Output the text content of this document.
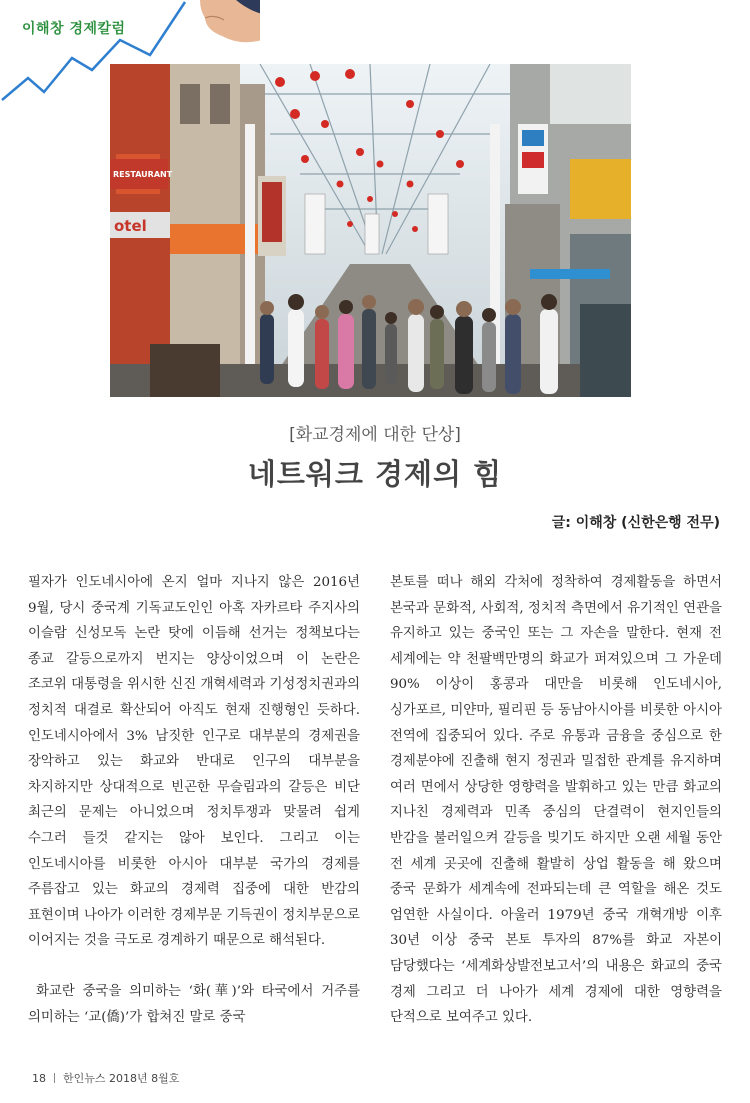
이해창 경제칼럼
otel
RESTAURANT
[화교경제에 대한 단상]
네트워크 경제의 힘
글: 이해창 (신한은행 전무)

필자가 인도네시아에 온지 얼마 지나지 않은 2016년 9월, 당시 중국계 기독교도인인 아혹 자카르타 주지사의 이슬람 신성모독 논란 탓에 이듬해 선거는 정책보다는 종교 갈등으로까지 번지는 양상이었으며 이 논란은 조코위 대통령을 위시한 신진 개혁세력과 기성정치권과의 정치적 대결로 확산되어 아직도 현재 진행형인 듯하다. 인도네시아에서 3% 남짓한 인구로 대부분의 경제권을 장악하고 있는 화교와 반대로 인구의 대부분을 차지하지만 상대적으로 빈곤한 무슬림과의 갈등은 비단 최근의 문제는 아니었으며 정치투쟁과 맞물려 쉽게 수그러 들것 같지는 않아 보인다. 그리고 이는 인도네시아를 비롯한 아시아 대부분 국가의 경제를 주름잡고 있는 화교의 경제력 집중에 대한 반감의 표현이며 나아가 이러한 경제부문 기득권이 정치부문으로 이어지는 것을 극도로 경계하기 때문으로 해석된다.

화교란 중국을 의미하는 ‘화(華)’와 타국에서 거주를 의미하는 ‘교(僑)’가 합쳐진 말로 중국

본토를 떠나 해외 각처에 정착하여 경제활동을 하면서 본국과 문화적, 사회적, 정치적 측면에서 유기적인 연관을 유지하고 있는 중국인 또는 그 자손을 말한다. 현재 전 세계에는 약 천팔백만명의 화교가 퍼져있으며 그 가운데 90% 이상이 홍콩과 대만을 비롯해 인도네시아, 싱가포르, 미얀마, 필리핀 등 동남아시아를 비롯한 아시아 전역에 집중되어 있다. 주로 유통과 금융을 중심으로 한 경제분야에 진출해 현지 정권과 밀접한 관계를 유지하며 여러 면에서 상당한 영향력을 발휘하고 있는 만큼 화교의 지나친 경제력과 민족 중심의 단결력이 현지인들의 반감을 불러일으켜 갈등을 빚기도 하지만 오랜 세월 동안 전 세계 곳곳에 진출해 활발히 상업 활동을 해 왔으며 중국 문화가 세계속에 전파되는데 큰 역할을 해온 것도 엄연한 사실이다. 아울러 1979년 중국 개혁개방 이후 30년 이상 중국 본토 투자의 87%를 화교 자본이 담당했다는 ‘세계화상발전보고서’의 내용은 화교의 중국 경제 그리고 더 나아가 세계 경제에 대한 영향력을 단적으로 보여주고 있다.

18 한인뉴스 2018년 8월호
